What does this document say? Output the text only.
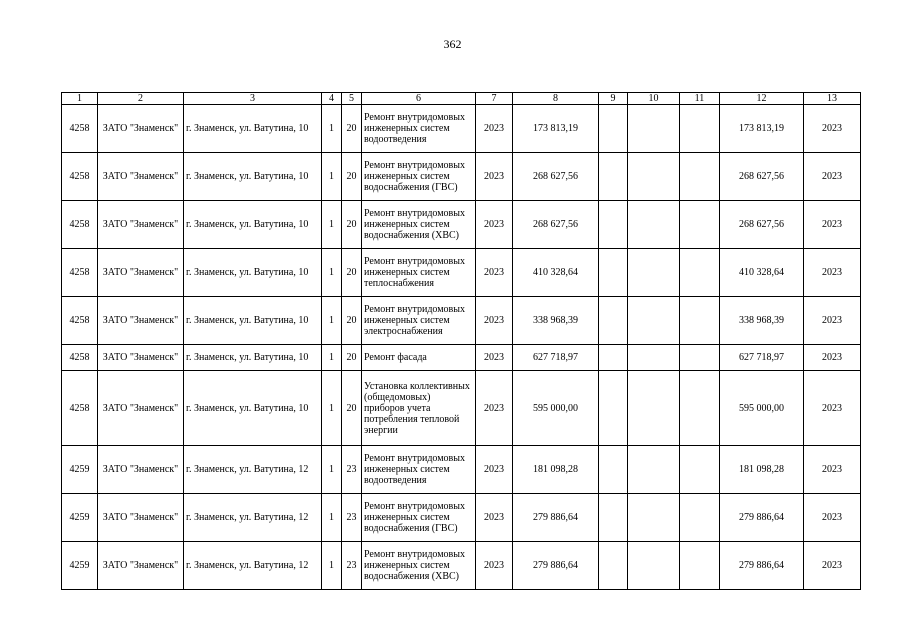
362
1	2	3	4	5	6	7	8	9	10	11	12	13
4258	ЗАТО "Знаменск"	г. Знаменск, ул. Ватутина, 10	1	20	Ремонт внутридомовых инженерных систем водоотведения	2023	173 813,19				173 813,19	2023
4258	ЗАТО "Знаменск"	г. Знаменск, ул. Ватутина, 10	1	20	Ремонт внутридомовых инженерных систем водоснабжения (ГВС)	2023	268 627,56				268 627,56	2023
4258	ЗАТО "Знаменск"	г. Знаменск, ул. Ватутина, 10	1	20	Ремонт внутридомовых инженерных систем водоснабжения (ХВС)	2023	268 627,56				268 627,56	2023
4258	ЗАТО "Знаменск"	г. Знаменск, ул. Ватутина, 10	1	20	Ремонт внутридомовых инженерных систем теплоснабжения	2023	410 328,64				410 328,64	2023
4258	ЗАТО "Знаменск"	г. Знаменск, ул. Ватутина, 10	1	20	Ремонт внутридомовых инженерных систем электроснабжения	2023	338 968,39				338 968,39	2023
4258	ЗАТО "Знаменск"	г. Знаменск, ул. Ватутина, 10	1	20	Ремонт фасада	2023	627 718,97				627 718,97	2023
4258	ЗАТО "Знаменск"	г. Знаменск, ул. Ватутина, 10	1	20	Установка коллективных (общедомовых) приборов учета потребления тепловой энергии	2023	595 000,00				595 000,00	2023
4259	ЗАТО "Знаменск"	г. Знаменск, ул. Ватутина, 12	1	23	Ремонт внутридомовых инженерных систем водоотведения	2023	181 098,28				181 098,28	2023
4259	ЗАТО "Знаменск"	г. Знаменск, ул. Ватутина, 12	1	23	Ремонт внутридомовых инженерных систем водоснабжения (ГВС)	2023	279 886,64				279 886,64	2023
4259	ЗАТО "Знаменск"	г. Знаменск, ул. Ватутина, 12	1	23	Ремонт внутридомовых инженерных систем водоснабжения (ХВС)	2023	279 886,64				279 886,64	2023
